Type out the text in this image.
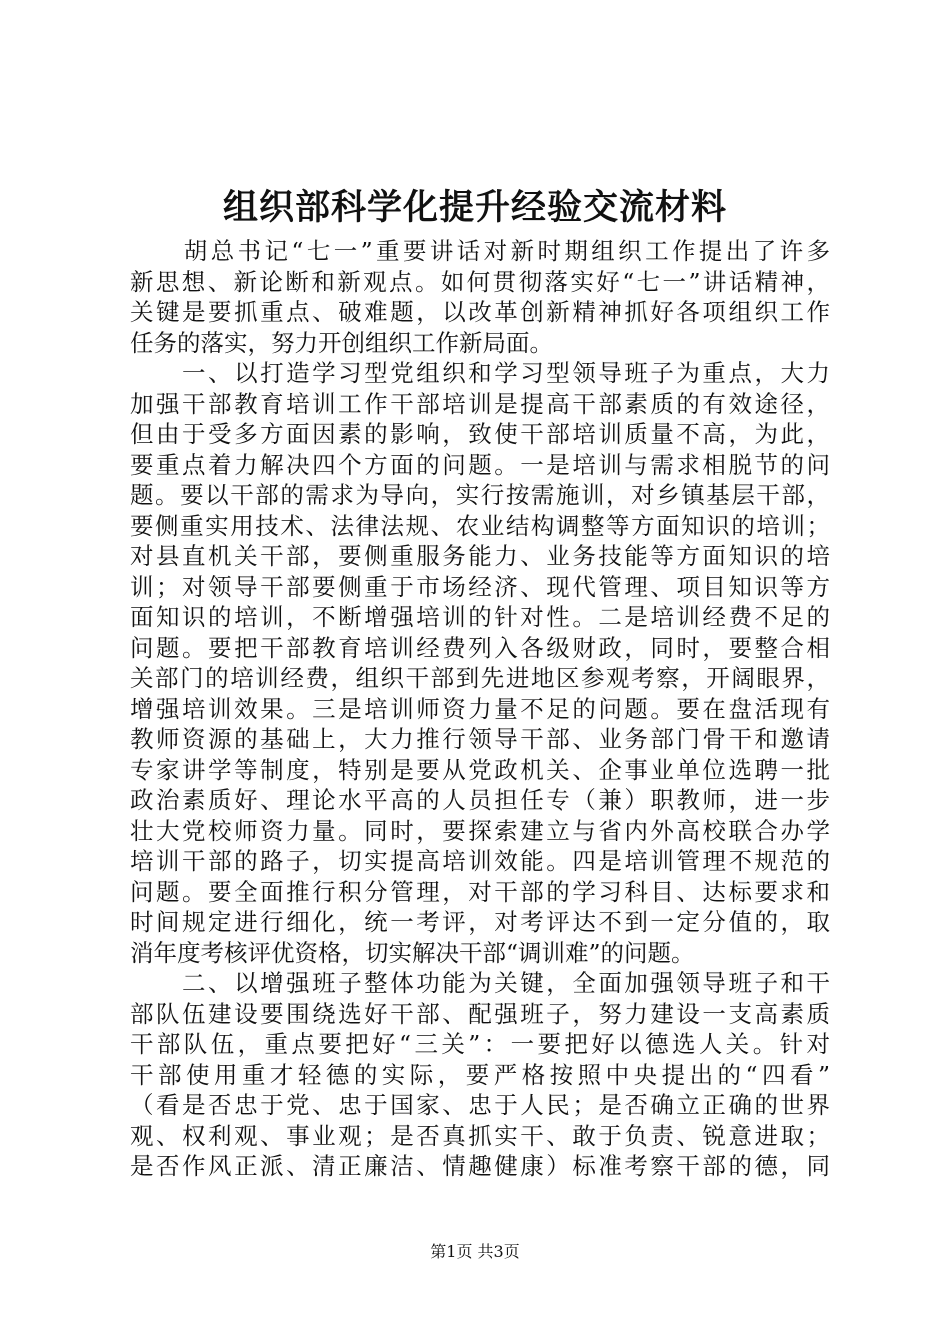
组织部科学化提升经验交流材料
　　胡总书记“七一”重要讲话对新时期组织工作提出了许多
新思想、新论断和新观点。如何贯彻落实好“七一”讲话精神，
关键是要抓重点、破难题，以改革创新精神抓好各项组织工作
任务的落实，努力开创组织工作新局面。
　　一、以打造学习型党组织和学习型领导班子为重点，大力
加强干部教育培训工作干部培训是提高干部素质的有效途径，
但由于受多方面因素的影响，致使干部培训质量不高，为此，
要重点着力解决四个方面的问题。一是培训与需求相脱节的问
题。要以干部的需求为导向，实行按需施训，对乡镇基层干部，
要侧重实用技术、法律法规、农业结构调整等方面知识的培训；
对县直机关干部，要侧重服务能力、业务技能等方面知识的培
训；对领导干部要侧重于市场经济、现代管理、项目知识等方
面知识的培训，不断增强培训的针对性。二是培训经费不足的
问题。要把干部教育培训经费列入各级财政，同时，要整合相
关部门的培训经费，组织干部到先进地区参观考察，开阔眼界，
增强培训效果。三是培训师资力量不足的问题。要在盘活现有
教师资源的基础上，大力推行领导干部、业务部门骨干和邀请
专家讲学等制度，特别是要从党政机关、企事业单位选聘一批
政治素质好、理论水平高的人员担任专（兼）职教师，进一步
壮大党校师资力量。同时，要探索建立与省内外高校联合办学
培训干部的路子，切实提高培训效能。四是培训管理不规范的
问题。要全面推行积分管理，对干部的学习科目、达标要求和
时间规定进行细化，统一考评，对考评达不到一定分值的，取
消年度考核评优资格，切实解决干部“调训难”的问题。
　　二、以增强班子整体功能为关键，全面加强领导班子和干
部队伍建设要围绕选好干部、配强班子，努力建设一支高素质
干部队伍，重点要把好“三关”：一要把好以德选人关。针对
干部使用重才轻德的实际，要严格按照中央提出的“四看”
（看是否忠于党、忠于国家、忠于人民；是否确立正确的世界
观、权利观、事业观；是否真抓实干、敢于负责、锐意进取；
是否作风正派、清正廉洁、情趣健康）标准考察干部的德，同
第1页 共3页
